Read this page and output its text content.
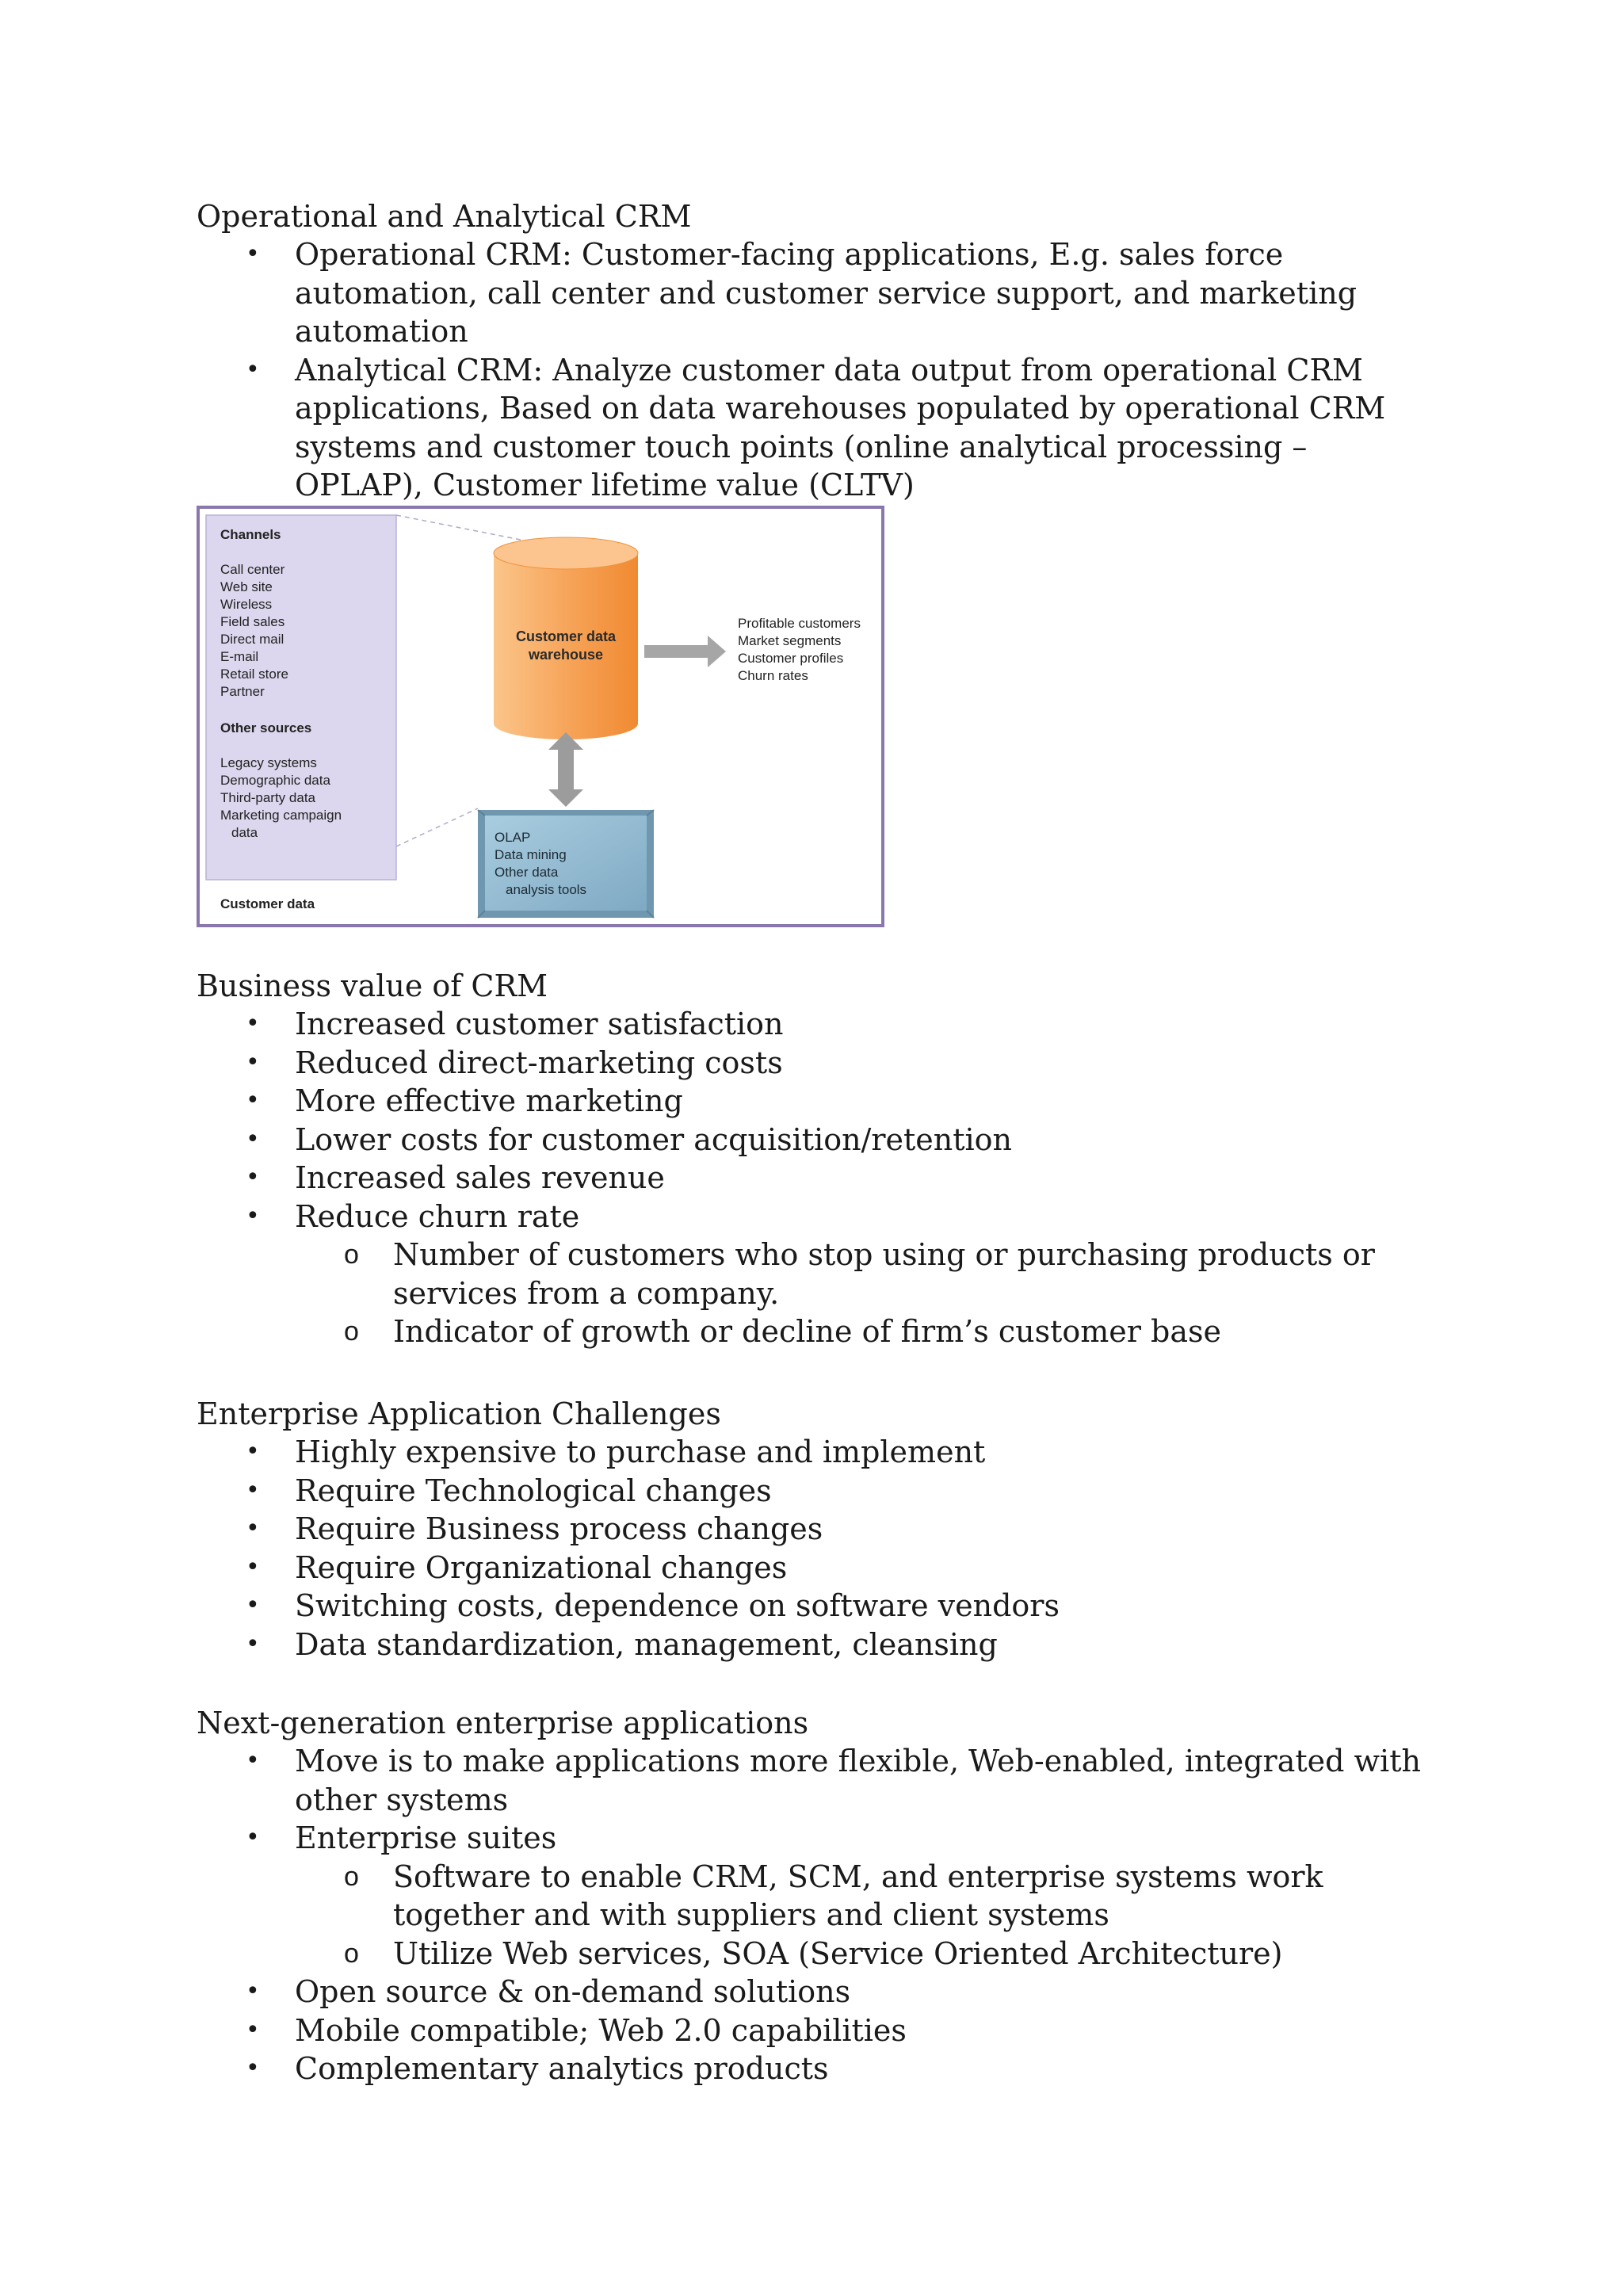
Operational and Analytical CRM

• Operational CRM: Customer-facing applications, E.g. sales force automation, call center and customer service support, and marketing automation
• Analytical CRM: Analyze customer data output from operational CRM applications, Based on data warehouses populated by operational CRM systems and customer touch points (online analytical processing – OPLAP), Customer lifetime value (CLTV)
Channels
Call center
Web site
Wireless
Field sales
Direct mail
E-mail
Retail store
Partner
Other sources
Legacy systems
Demographic data
Third-party data
Marketing campaign
data
Customer data
Customer data
warehouse
Profitable customers
Market segments
Customer profiles
Churn rates
OLAP
Data mining
Other data
analysis tools

Business value of CRM

• Increased customer satisfaction
• Reduced direct-marketing costs
• More effective marketing
• Lower costs for customer acquisition/retention
• Increased sales revenue
• Reduce churn rate
o Number of customers who stop using or purchasing products or services from a company.
o Indicator of growth or decline of firm’s customer base

Enterprise Application Challenges

• Highly expensive to purchase and implement
• Require Technological changes
• Require Business process changes
• Require Organizational changes
• Switching costs, dependence on software vendors
• Data standardization, management, cleansing

Next-generation enterprise applications

• Move is to make applications more flexible, Web-enabled, integrated with other systems
• Enterprise suites
o Software to enable CRM, SCM, and enterprise systems work together and with suppliers and client systems
o Utilize Web services, SOA (Service Oriented Architecture)
• Open source & on-demand solutions
• Mobile compatible; Web 2.0 capabilities
• Complementary analytics products
